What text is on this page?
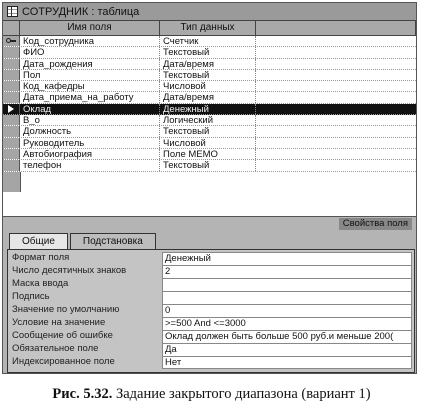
СОТРУДНИК : таблица
Имя поля	Тип данных
Код_сотрудника	Счетчик
ФИО	Текстовый
Дата_рождения	Дата/время
Пол	Текстовый
Код_кафедры	Числовой
Дата_приема_на_работу	Дата/время
Оклад	Денежный
В_о	Логический
Должность	Текстовый
Руководитель	Числовой
Автобиография	Поле MEMO
телефон	Текстовый
Свойства поля
Общие	Подстановка
Формат поля	Денежный
Число десятичных знаков	2
Маска ввода
Подпись
Значение по умолчанию	0
Условие на значение	>=500 And <=3000
Сообщение об ошибке	Оклад должен быть больше 500 руб.и меньше 200(
Обязательное поле	Да
Индексированное поле	Нет
Рис. 5.32. Задание закрытого диапазона (вариант 1)
